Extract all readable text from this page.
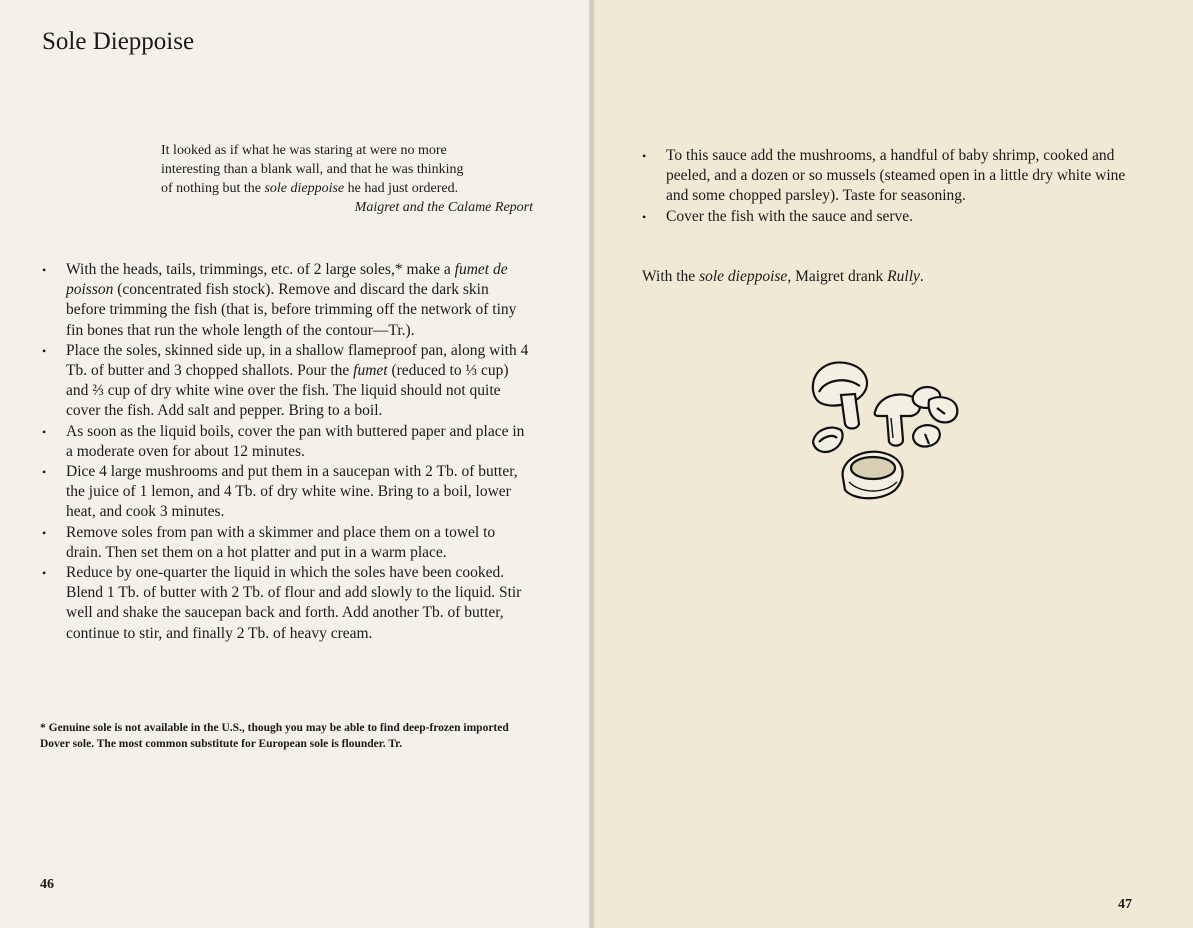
Sole Dieppoise
It looked as if what he was staring at were no more
interesting than a blank wall, and that he was thinking
of nothing but the sole dieppoise he had just ordered.
Maigret and the Calame Report
• With the heads, tails, trimmings, etc. of 2 large soles,* make a fumet de poisson (concentrated fish stock). Remove and discard the dark skin before trimming the fish (that is, before trimming off the network of tiny fin bones that run the whole length of the contour—Tr.).
• Place the soles, skinned side up, in a shallow flameproof pan, along with 4 Tb. of butter and 3 chopped shallots. Pour the fumet (reduced to ⅓ cup) and ⅔ cup of dry white wine over the fish. The liquid should not quite cover the fish. Add salt and pepper. Bring to a boil.
• As soon as the liquid boils, cover the pan with buttered paper and place in a moderate oven for about 12 minutes.
• Dice 4 large mushrooms and put them in a saucepan with 2 Tb. of butter, the juice of 1 lemon, and 4 Tb. of dry white wine. Bring to a boil, lower heat, and cook 3 minutes.
• Remove soles from pan with a skimmer and place them on a towel to drain. Then set them on a hot platter and put in a warm place.
• Reduce by one-quarter the liquid in which the soles have been cooked. Blend 1 Tb. of butter with 2 Tb. of flour and add slowly to the liquid. Stir well and shake the saucepan back and forth. Add another Tb. of butter, continue to stir, and finally 2 Tb. of heavy cream.
* Genuine sole is not available in the U.S., though you may be able to find deep-frozen imported Dover sole. The most common substitute for European sole is flounder. Tr.
46
• To this sauce add the mushrooms, a handful of baby shrimp, cooked and peeled, and a dozen or so mussels (steamed open in a little dry white wine and some chopped parsley). Taste for seasoning.
• Cover the fish with the sauce and serve.
With the sole dieppoise, Maigret drank Rully.
47
